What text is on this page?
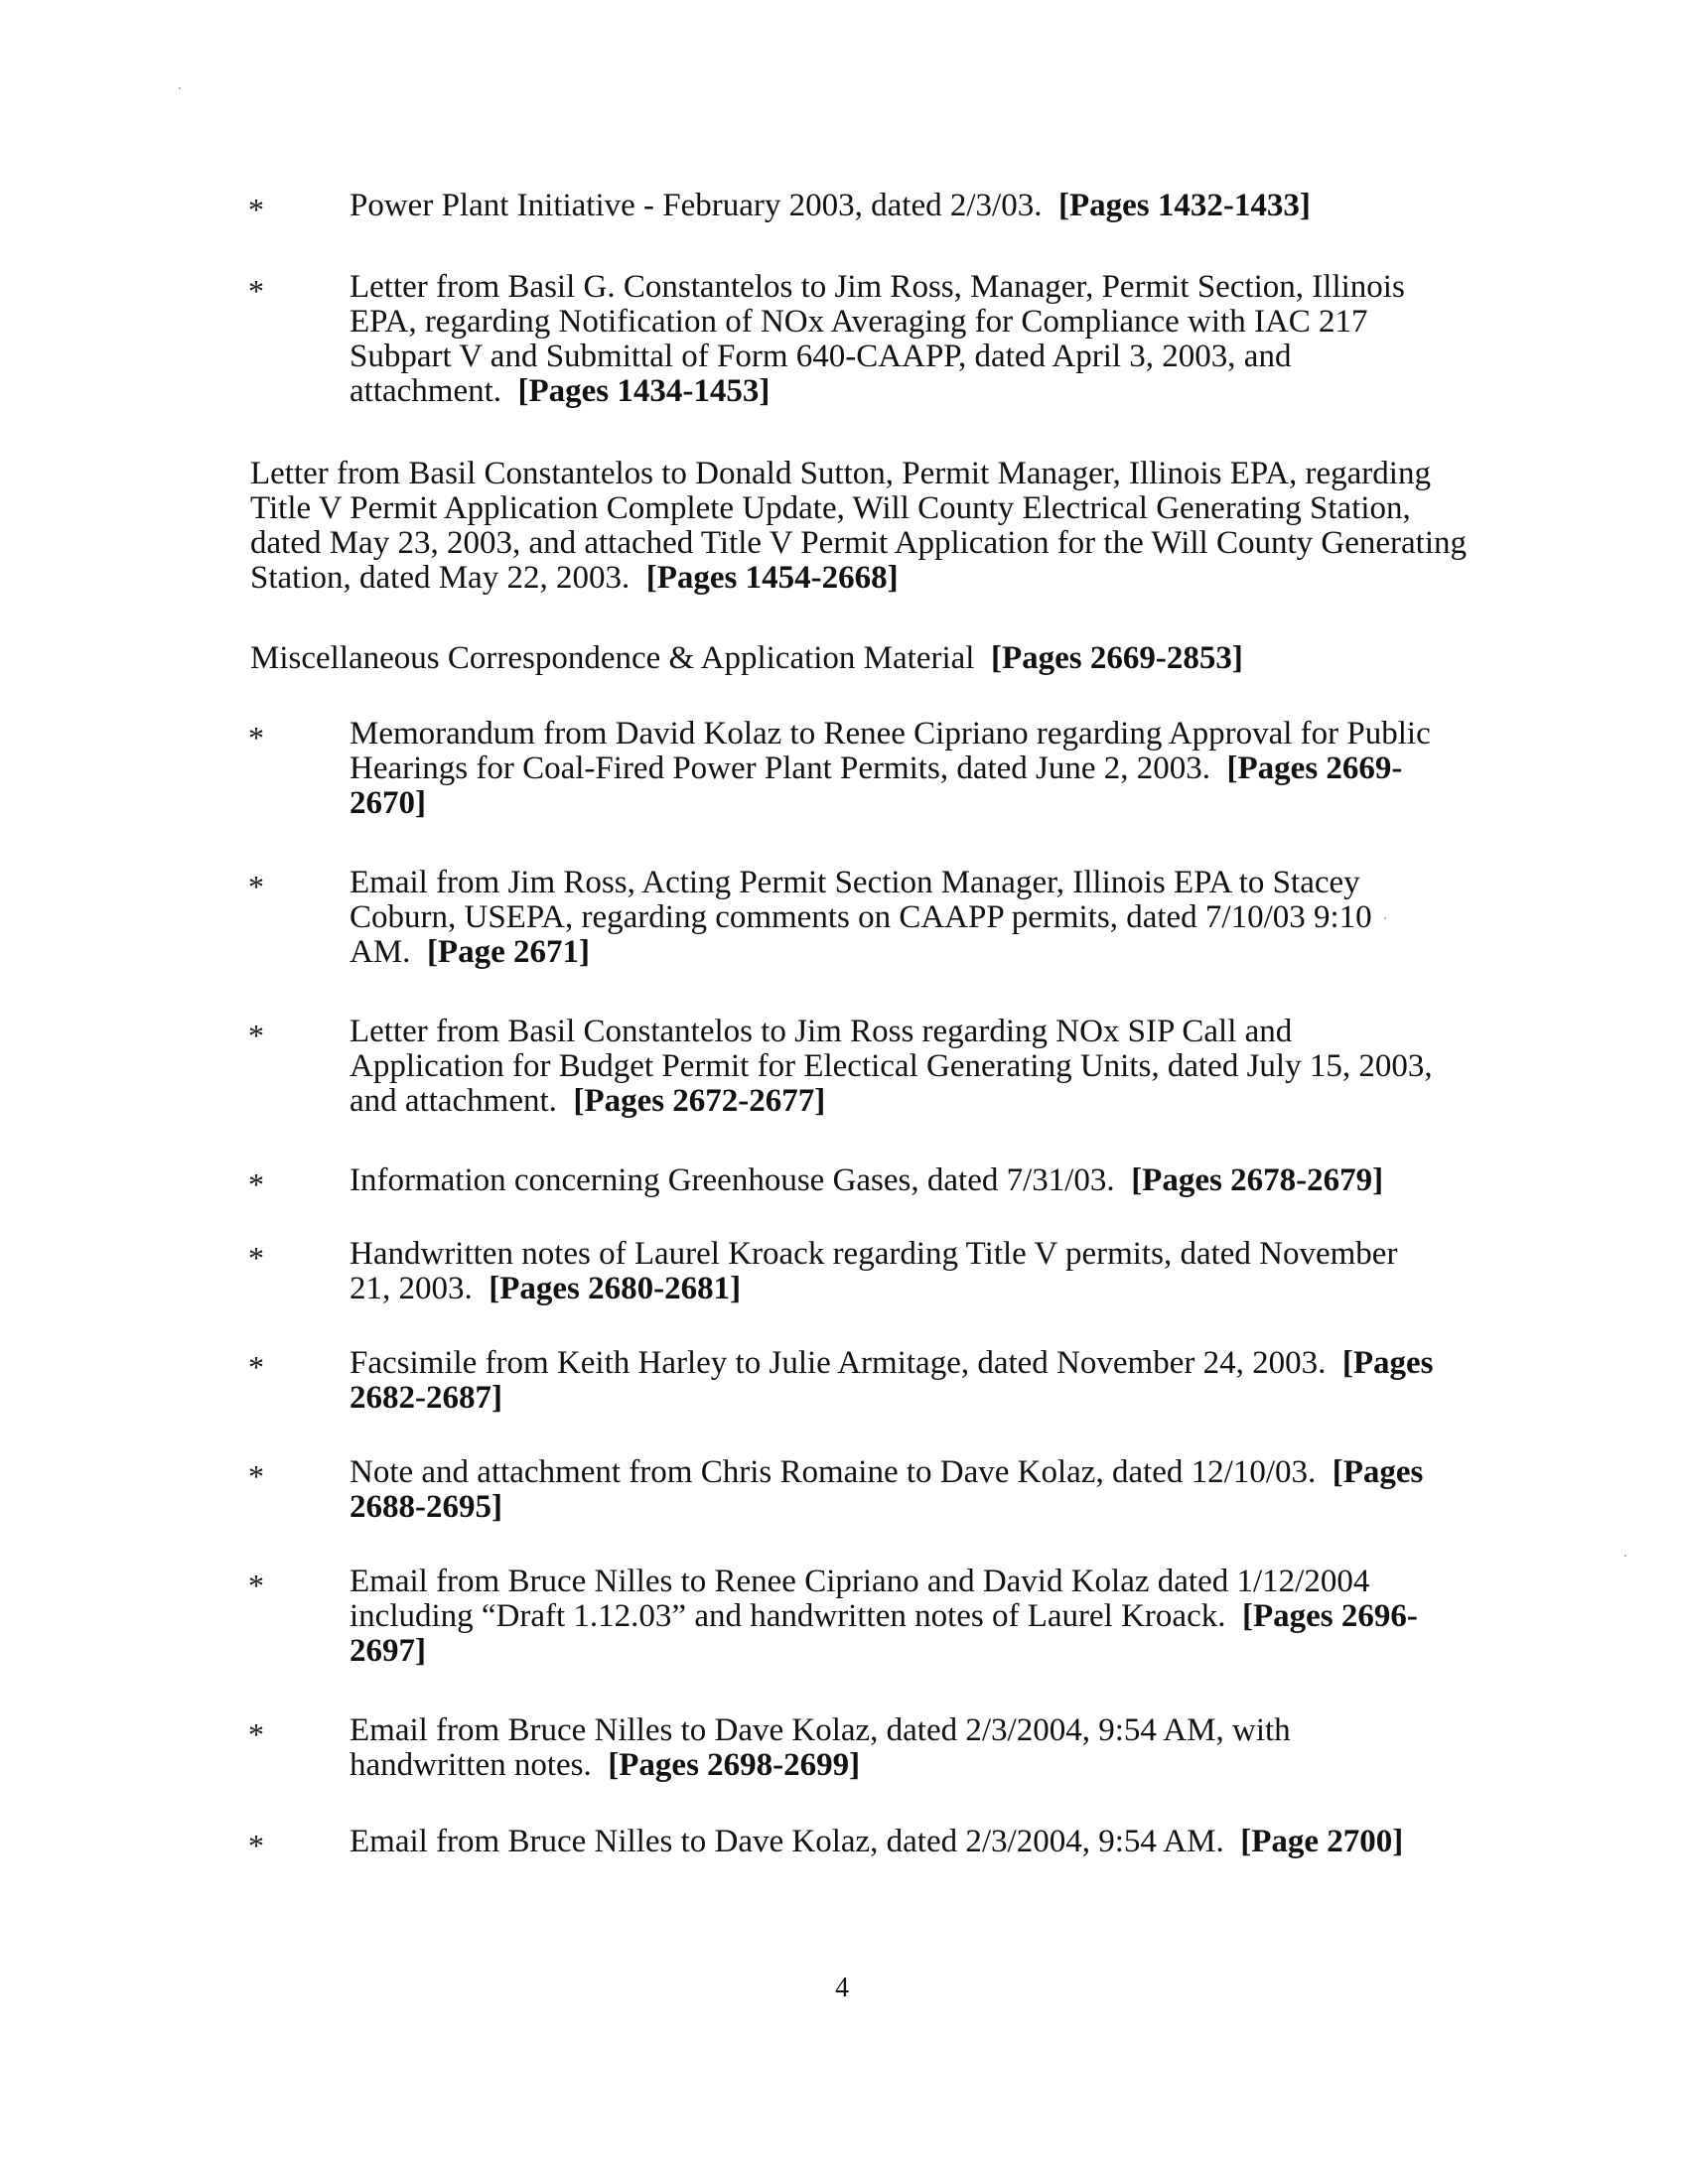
*	Power Plant Initiative - February 2003, dated 2/3/03. [Pages 1432-1433]
*	Letter from Basil G. Constantelos to Jim Ross, Manager, Permit Section, Illinois EPA, regarding Notification of NOx Averaging for Compliance with IAC 217 Subpart V and Submittal of Form 640-CAAPP, dated April 3, 2003, and attachment. [Pages 1434-1453]
Letter from Basil Constantelos to Donald Sutton, Permit Manager, Illinois EPA, regarding Title V Permit Application Complete Update, Will County Electrical Generating Station, dated May 23, 2003, and attached Title V Permit Application for the Will County Generating Station, dated May 22, 2003. [Pages 1454-2668]
Miscellaneous Correspondence & Application Material [Pages 2669-2853]
*	Memorandum from David Kolaz to Renee Cipriano regarding Approval for Public Hearings for Coal-Fired Power Plant Permits, dated June 2, 2003. [Pages 2669-2670]
*	Email from Jim Ross, Acting Permit Section Manager, Illinois EPA to Stacey Coburn, USEPA, regarding comments on CAAPP permits, dated 7/10/03 9:10 AM. [Page 2671]
*	Letter from Basil Constantelos to Jim Ross regarding NOx SIP Call and Application for Budget Permit for Electical Generating Units, dated July 15, 2003, and attachment. [Pages 2672-2677]
*	Information concerning Greenhouse Gases, dated 7/31/03. [Pages 2678-2679]
*	Handwritten notes of Laurel Kroack regarding Title V permits, dated November 21, 2003. [Pages 2680-2681]
*	Facsimile from Keith Harley to Julie Armitage, dated November 24, 2003. [Pages 2682-2687]
*	Note and attachment from Chris Romaine to Dave Kolaz, dated 12/10/03. [Pages 2688-2695]
*	Email from Bruce Nilles to Renee Cipriano and David Kolaz dated 1/12/2004 including “Draft 1.12.03” and handwritten notes of Laurel Kroack. [Pages 2696-2697]
*	Email from Bruce Nilles to Dave Kolaz, dated 2/3/2004, 9:54 AM, with handwritten notes. [Pages 2698-2699]
*	Email from Bruce Nilles to Dave Kolaz, dated 2/3/2004, 9:54 AM. [Page 2700]
4
